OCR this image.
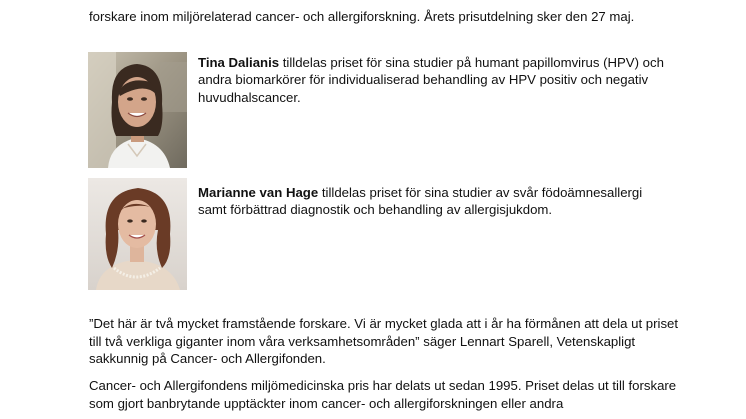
forskare inom miljörelaterad cancer- och allergiforskning. Årets prisutdelning sker den 27 maj.

Tina Dalianis tilldelas priset för sina studier på humant papillomvirus (HPV) och andra biomarkörer för individualiserad behandling av HPV positiv och negativ huvudhalscancer.

Marianne van Hage tilldelas priset för sina studier av svår födoämnesallergi samt förbättrad diagnostik och behandling av allergisjukdom.

”Det här är två mycket framstående forskare. Vi är mycket glada att i år ha förmånen att dela ut priset till två verkliga giganter inom våra verksamhetsområden” säger Lennart Sparell, Vetenskapligt sakkunnig på Cancer- och Allergifonden.

Cancer- och Allergifondens miljömedicinska pris har delats ut sedan 1995. Priset delas ut till forskare som gjort banbrytande upptäckter inom cancer- och allergiforskningen eller andra
